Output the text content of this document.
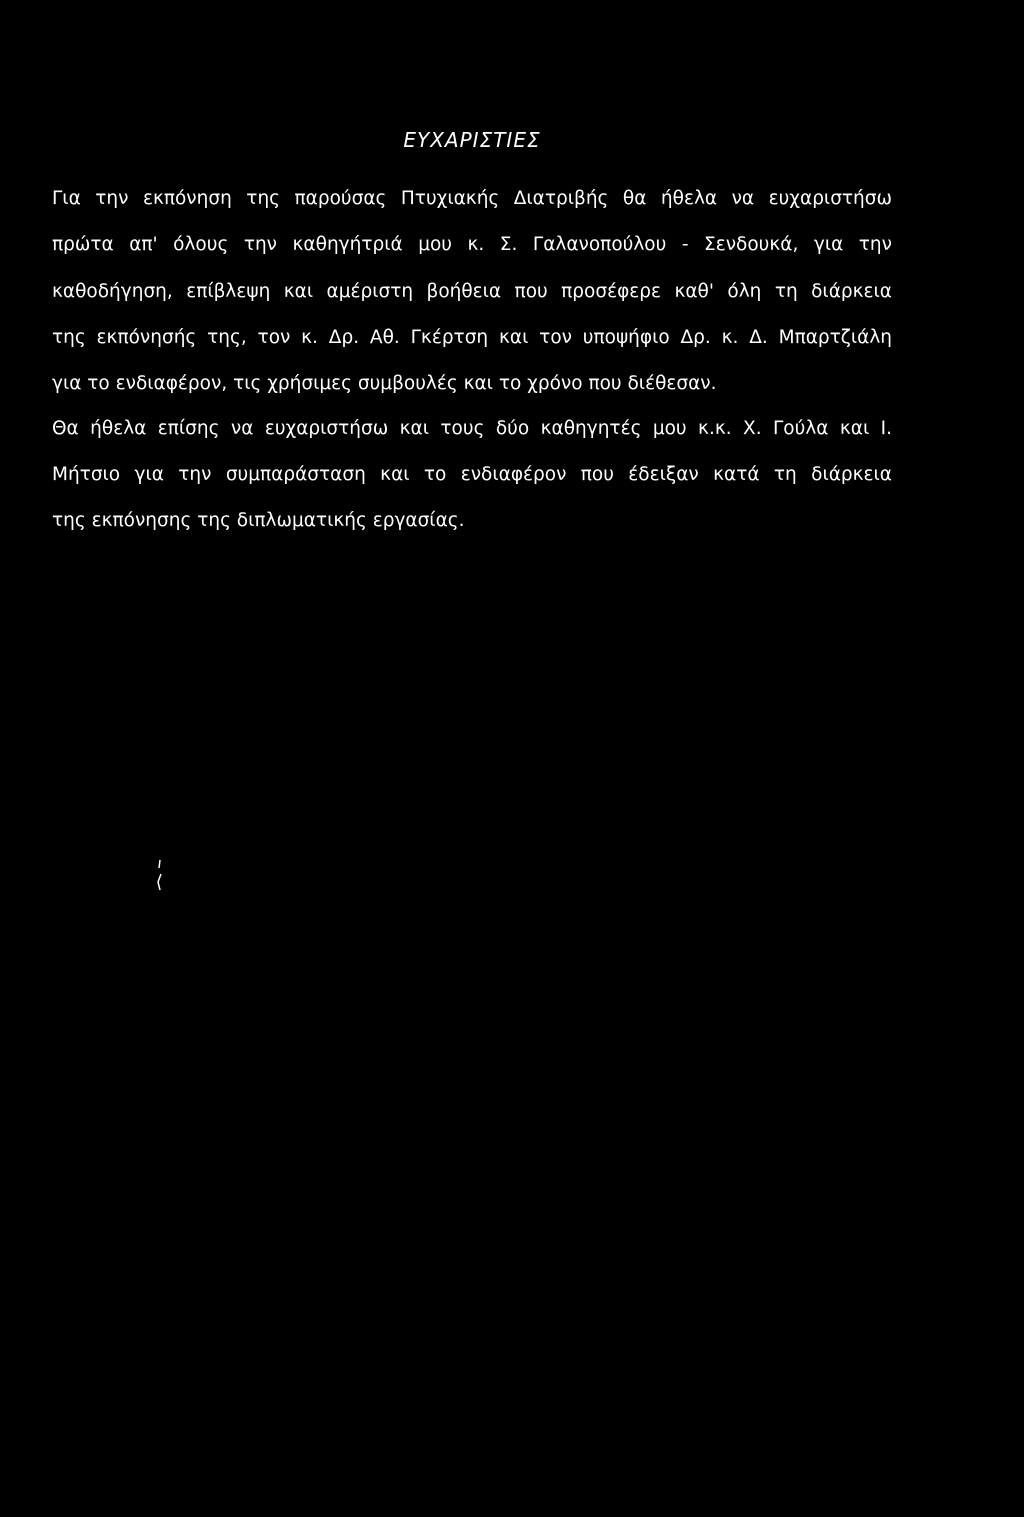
ΕΥΧΑΡΙΣΤΙΕΣ
Για την εκπόνηση της παρούσας Πτυχιακής Διατριβής θα ήθελα να ευχαριστήσω
πρώτα απ' όλους την καθηγήτριά μου κ. Σ. Γαλανοπούλου - Σενδουκά, για την
καθοδήγηση, επίβλεψη και αμέριστη βοήθεια που προσέφερε καθ' όλη τη διάρκεια
της εκπόνησής της, τον κ. Δρ. Αθ. Γκέρτση και τον υποψήφιο Δρ. κ. Δ. Μπαρτζιάλη
για το ενδιαφέρον, τις χρήσιμες συμβουλές και το χρόνο που διέθεσαν.
Θα ήθελα επίσης να ευχαριστήσω και τους δύο καθηγητές μου κ.κ. Χ. Γούλα και Ι.
Μήτσιο για την συμπαράσταση και το ενδιαφέρον που έδειξαν κατά τη διάρκεια
της εκπόνησης της διπλωματικής εργασίας.
